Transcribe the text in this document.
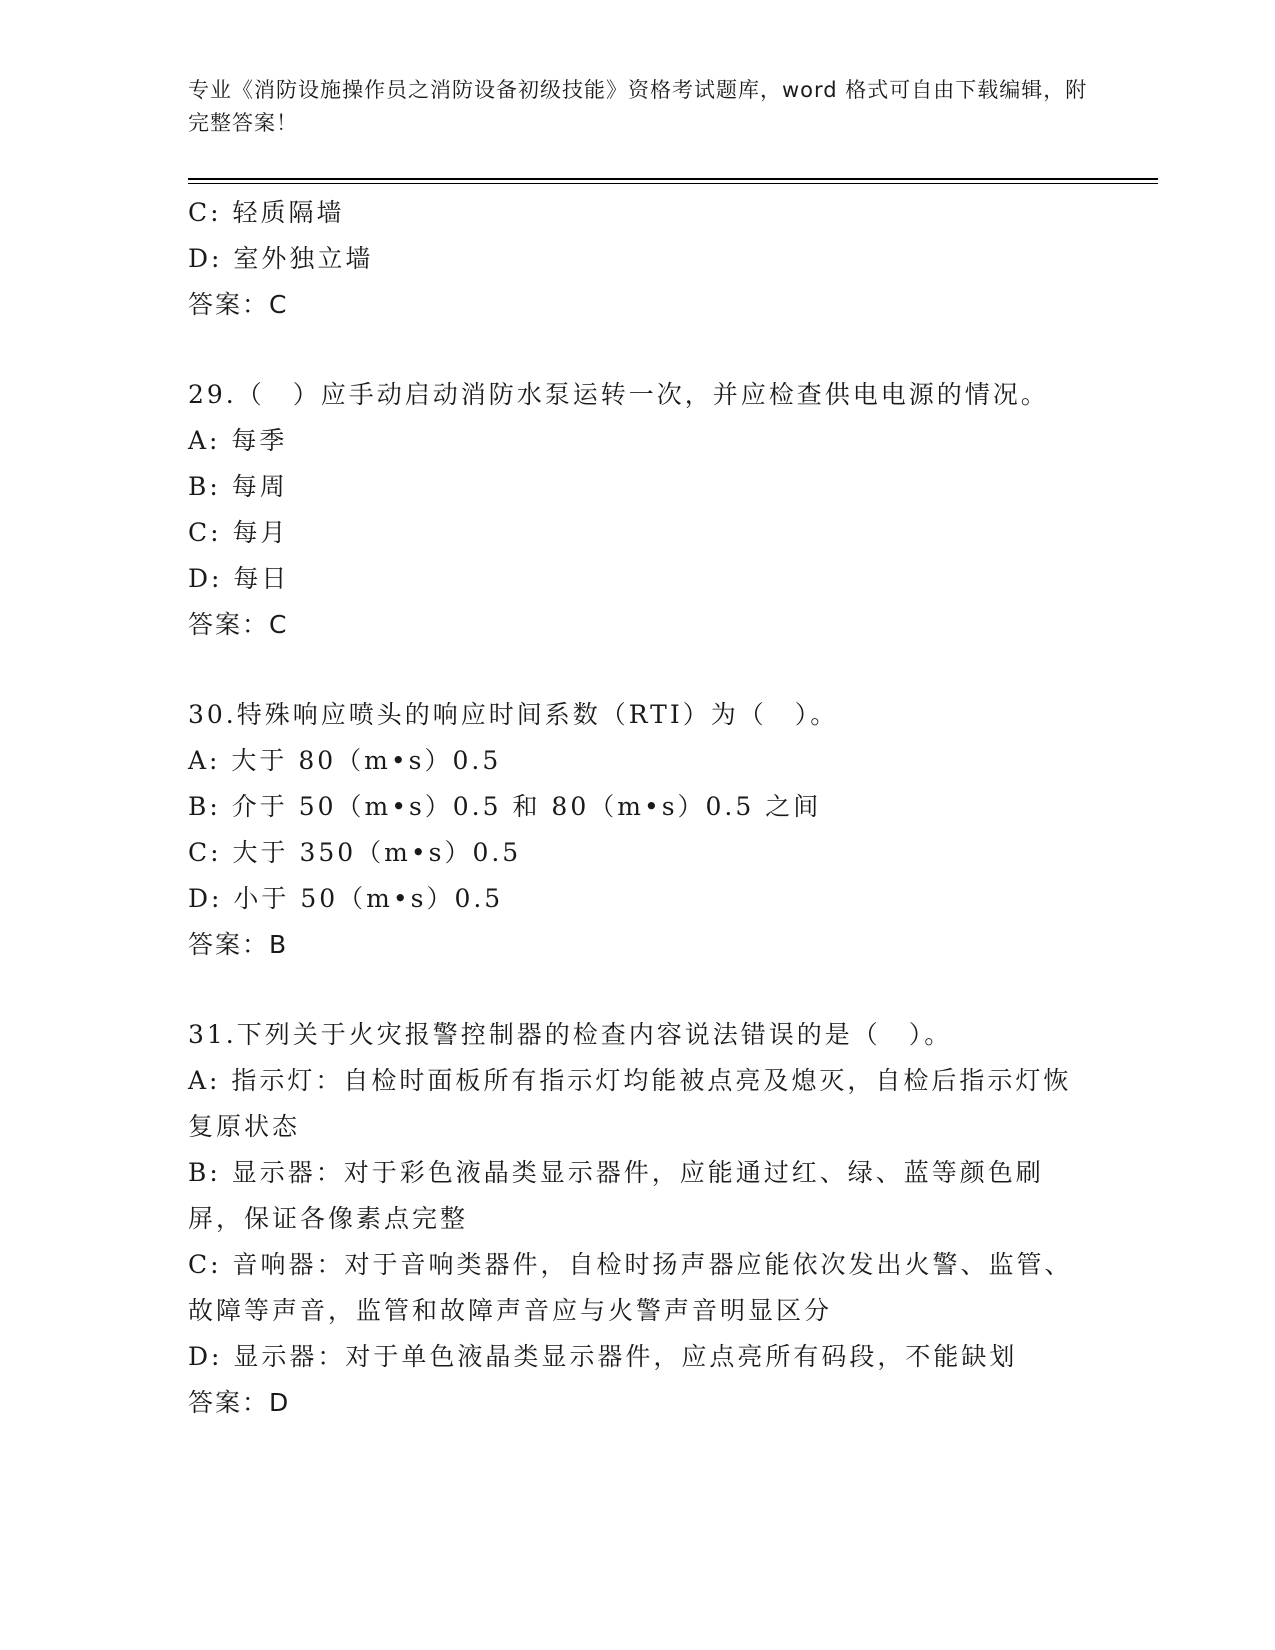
专业《消防设施操作员之消防设备初级技能》资格考试题库，word 格式可自由下载编辑，附完整答案！
C: 轻质隔墙
D: 室外独立墙
答案：C
29.（　）应手动启动消防水泵运转一次，并应检查供电电源的情况。
A: 每季
B: 每周
C: 每月
D: 每日
答案：C
30.特殊响应喷头的响应时间系数（RTI）为（　）。
A: 大于 80（m•s）0.5
B: 介于 50（m•s）0.5 和 80（m•s）0.5 之间
C: 大于 350（m•s）0.5
D: 小于 50（m•s）0.5
答案：B
31.下列关于火灾报警控制器的检查内容说法错误的是（　）。
A: 指示灯：自检时面板所有指示灯均能被点亮及熄灭，自检后指示灯恢复原状态
B: 显示器：对于彩色液晶类显示器件，应能通过红、绿、蓝等颜色刷屏，保证各像素点完整
C: 音响器：对于音响类器件，自检时扬声器应能依次发出火警、监管、故障等声音，监管和故障声音应与火警声音明显区分
D: 显示器：对于单色液晶类显示器件，应点亮所有码段，不能缺划
答案：D
